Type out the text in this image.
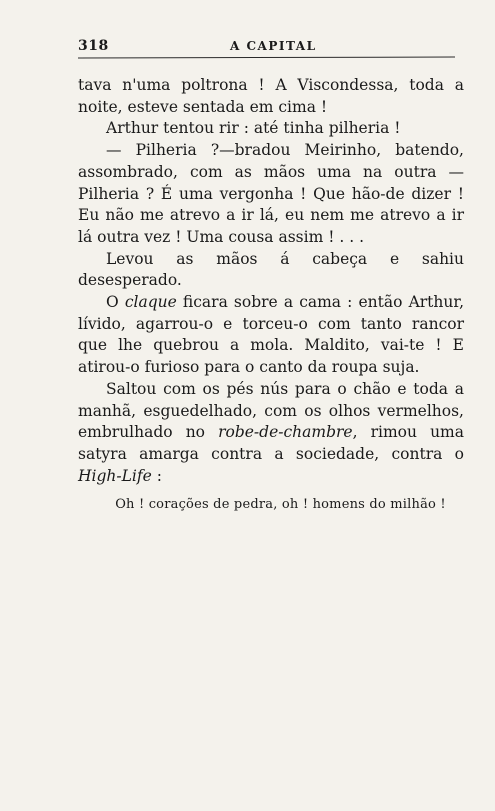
318	A CAPITAL

tava n'uma poltrona ! A Viscondessa, toda a noite, esteve sentada em cima !

Arthur tentou rir : até tinha pilheria !

— Pilheria ?—bradou Meirinho, batendo, assombrado, com as mãos uma na outra — Pilheria ? É uma vergonha ! Que hão-de dizer ! Eu não me atrevo a ir lá, eu nem me atrevo a ir lá outra vez ! Uma cousa assim ! . . .

Levou as mãos á cabeça e sahiu desesperado.

O claque ficara sobre a cama : então Arthur, lívido, agarrou-o e torceu-o com tanto rancor que lhe quebrou a mola. Maldito, vai-te ! E atirou-o furioso para o canto da roupa suja.

Saltou com os pés nús para o chão e toda a manhã, esguedelhado, com os olhos vermelhos, embrulhado no robe-de-chambre, rimou uma satyra amarga contra a sociedade, contra o High-Life :

Oh ! corações de pedra, oh ! homens do milhão !
